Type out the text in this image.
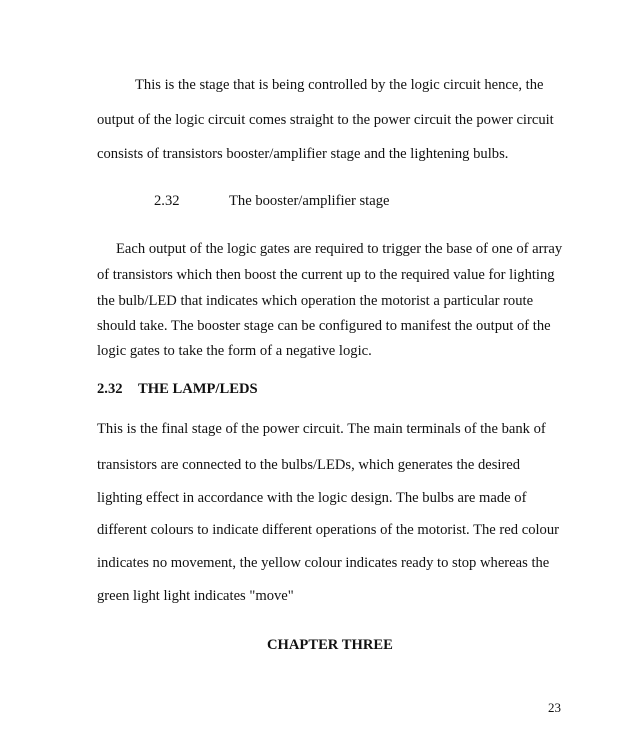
This is the stage that is being controlled by the logic circuit hence, the
output of the logic circuit comes straight to the power circuit the power circuit
consists of transistors booster/amplifier stage and the lightening bulbs.
2.32	The booster/amplifier stage
Each output of the logic gates are required to trigger the base of one of array
of transistors which then boost the current up to the required value for lighting
the bulb/LED that indicates which operation the motorist a particular route
should take. The booster stage can be configured to manifest the output of the
logic gates to take the form of a negative logic.
2.32 THE LAMP/LEDS
This is the final stage of the power circuit. The main terminals of the bank of
transistors are connected to the bulbs/LEDs, which generates the desired
lighting effect in accordance with the logic design. The bulbs are made of
different colours to indicate different operations of the motorist. The red colour
indicates no movement, the yellow colour indicates ready to stop whereas the
green light light indicates "move"
CHAPTER THREE
23
